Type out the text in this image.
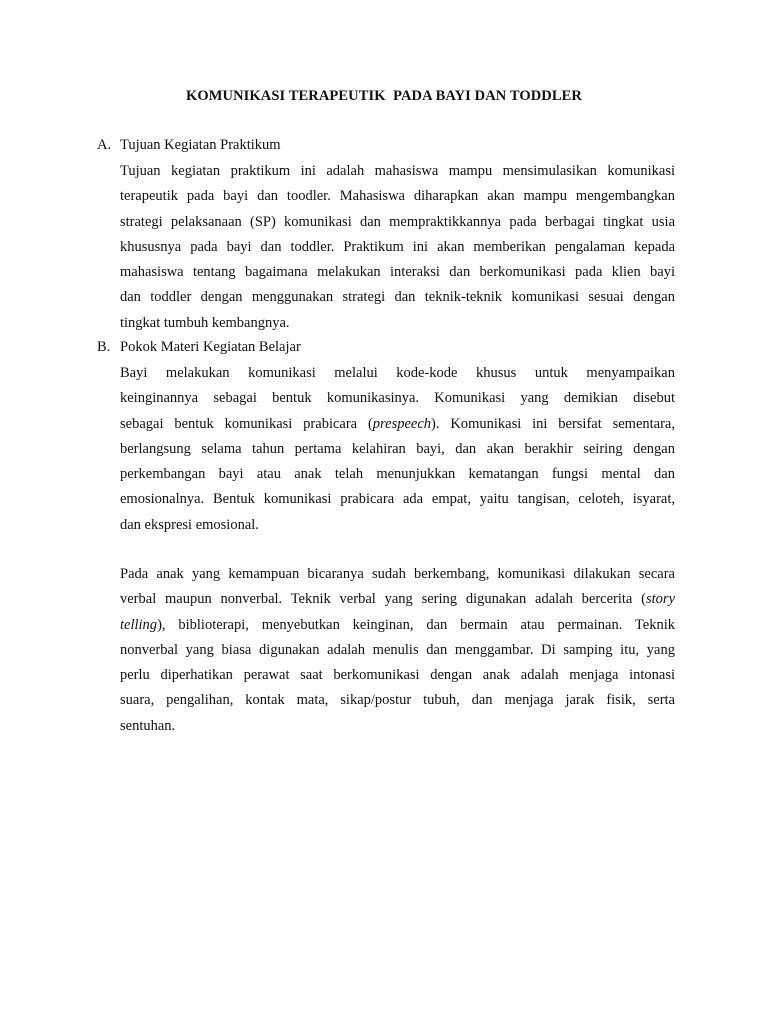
KOMUNIKASI TERAPEUTIK  PADA BAYI DAN TODDLER
A. Tujuan Kegiatan Praktikum
Tujuan kegiatan praktikum ini adalah mahasiswa mampu mensimulasikan komunikasi
terapeutik pada bayi dan toodler. Mahasiswa diharapkan akan mampu mengembangkan
strategi pelaksanaan (SP) komunikasi dan mempraktikkannya pada berbagai tingkat usia
khususnya pada bayi dan toddler. Praktikum ini akan memberikan pengalaman kepada
mahasiswa tentang bagaimana melakukan interaksi dan berkomunikasi pada klien bayi
dan toddler dengan menggunakan strategi dan teknik-teknik komunikasi sesuai dengan
tingkat tumbuh kembangnya.
B. Pokok Materi Kegiatan Belajar
Bayi melakukan komunikasi melalui kode-kode khusus untuk menyampaikan
keinginannya sebagai bentuk komunikasinya. Komunikasi yang demikian disebut
sebagai bentuk komunikasi prabicara (prespeech). Komunikasi ini bersifat sementara,
berlangsung selama tahun pertama kelahiran bayi, dan akan berakhir seiring dengan
perkembangan bayi atau anak telah menunjukkan kematangan fungsi mental dan
emosionalnya. Bentuk komunikasi prabicara ada empat, yaitu tangisan, celoteh, isyarat,
dan ekspresi emosional.
Pada anak yang kemampuan bicaranya sudah berkembang, komunikasi dilakukan secara
verbal maupun nonverbal. Teknik verbal yang sering digunakan adalah bercerita (story
telling), biblioterapi, menyebutkan keinginan, dan bermain atau permainan. Teknik
nonverbal yang biasa digunakan adalah menulis dan menggambar. Di samping itu, yang
perlu diperhatikan perawat saat berkomunikasi dengan anak adalah menjaga intonasi
suara, pengalihan, kontak mata, sikap/postur tubuh, dan menjaga jarak fisik, serta
sentuhan.
